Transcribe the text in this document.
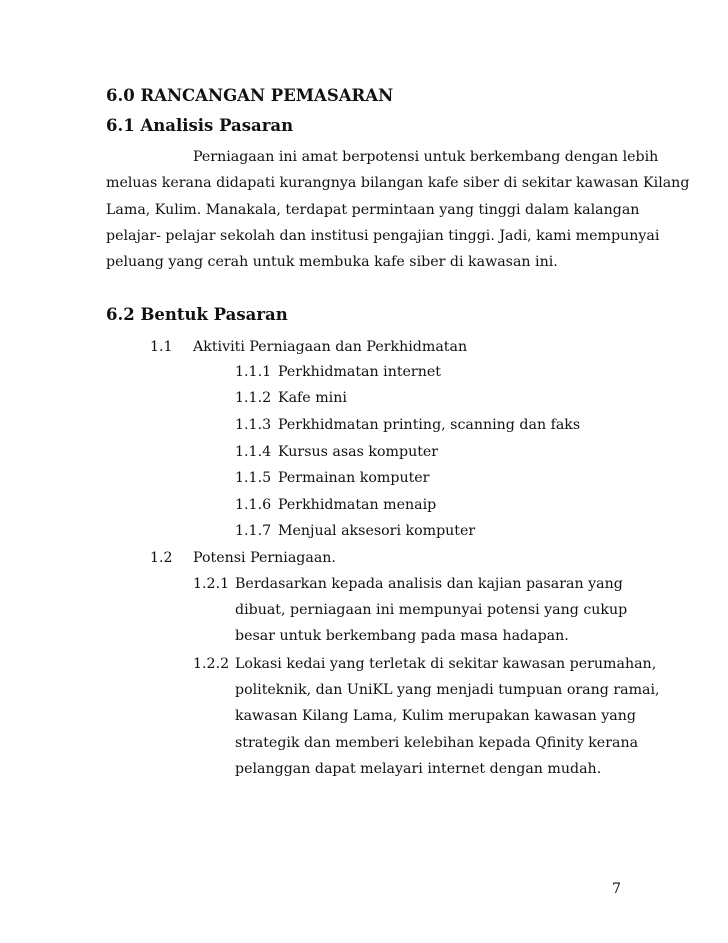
6.0 RANCANGAN PEMASARAN
6.1 Analisis Pasaran
Perniagaan ini amat berpotensi untuk berkembang dengan lebih
meluas kerana didapati kurangnya bilangan kafe siber di sekitar kawasan Kilang
Lama, Kulim. Manakala, terdapat permintaan yang tinggi dalam kalangan
pelajar- pelajar sekolah dan institusi pengajian tinggi. Jadi, kami mempunyai
peluang yang cerah untuk membuka kafe siber di kawasan ini.
6.2 Bentuk Pasaran
1.1 Aktiviti Perniagaan dan Perkhidmatan
1.1.1 Perkhidmatan internet
1.1.2 Kafe mini
1.1.3 Perkhidmatan printing, scanning dan faks
1.1.4 Kursus asas komputer
1.1.5 Permainan komputer
1.1.6 Perkhidmatan menaip
1.1.7 Menjual aksesori komputer
1.2 Potensi Perniagaan.
1.2.1 Berdasarkan kepada analisis dan kajian pasaran yang
dibuat, perniagaan ini mempunyai potensi yang cukup
besar untuk berkembang pada masa hadapan.
1.2.2 Lokasi kedai yang terletak di sekitar kawasan perumahan,
politeknik, dan UniKL yang menjadi tumpuan orang ramai,
kawasan Kilang Lama, Kulim merupakan kawasan yang
strategik dan memberi kelebihan kepada Qfinity kerana
pelanggan dapat melayari internet dengan mudah.
7
